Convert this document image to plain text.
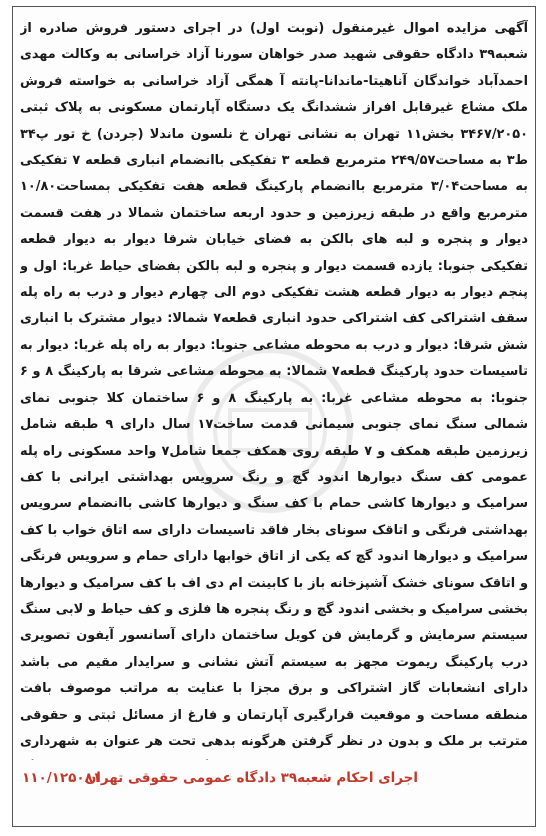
آگهی مزایده اموال غیرمنقول (نوبت اول) در اجرای دستور فروش صادره از شعبه۳۹ دادگاه حقوقی شهید صدر خواهان سورنا آزاد خراسانی به وکالت مهدی احمدآباد خواندگان آناهیتا-ماندانا-پانته آ همگی آزاد خراسانی به خواسته فروش ملک مشاع غیرقابل افراز ششدانگ یک دستگاه آپارتمان مسکونی به پلاک ثبتی ۳۴۶۷/۲۰۵۰ بخش۱۱ تهران به نشانی تهران خ نلسون ماندلا (جردن) خ تور پ۳۴ ط۳ به مساحت۲۴۹/۵۷ مترمربع قطعه ۳ تفکیکی باانضمام انباری قطعه ۷ تفکیکی به مساحت۳/۰۴ مترمربع باانضمام پارکینگ قطعه هفت تفکیکی بمساحت۱۰/۸۰ مترمربع واقع در طبقه زیرزمین و حدود اربعه ساختمان شمالا در هفت قسمت دیوار و پنجره و لبه های بالکن به فضای خیابان شرقا دیوار به دیوار قطعه تفکیکی جنوبا: یازده قسمت دیوار و پنجره و لبه بالکن بفضای حیاط غربا: اول و پنجم دیوار به دیوار قطعه هشت تفکیکی دوم الی چهارم دیوار و درب به راه پله سقف اشتراکی کف اشتراکی حدود انباری قطعه۷ شمالا: دیوار مشترک با انباری شش شرقا: دیوار و درب به محوطه مشاعی جنوبا: دیوار به راه پله غربا: دیوار به تاسیسات حدود پارکینگ قطعه۷ شمالا: به محوطه مشاعی شرقا به پارکینگ ۸ و ۶ جنوبا: به محوطه مشاعی غربا: به پارکینگ ۸ و ۶ ساختمان کلا جنوبی نمای شمالی سنگ نمای جنوبی سیمانی قدمت ساخت۱۷ سال دارای ۹ طبقه شامل زیرزمین طبقه همکف و ۷ طبقه روی همکف جمعا شامل۷ واحد مسکونی راه پله عمومی کف سنگ دیوارها اندود گچ و رنگ سرویس بهداشتی ایرانی با کف سرامیک و دیوارها کاشی حمام با کف سنگ و دیوارها کاشی باانضمام سرویس بهداشتی فرنگی و اتاقک سونای بخار فاقد تاسیسات دارای سه اتاق خواب با کف سرامیک و دیوارها اندود گچ که یکی از اتاق خوابها دارای حمام و سرویس فرنگی و اتاقک سونای خشک آشپزخانه باز با کابینت ام دی اف با کف سرامیک و دیوارها بخشی سرامیک و بخشی اندود گچ و رنگ پنجره ها فلزی و کف حیاط و لابی سنگ سیستم سرمایش و گرمایش فن کویل ساختمان دارای آسانسور آیفون تصویری درب پارکینگ ریموت مجهز به سیستم آتش نشانی و سرایدار مقیم می باشد دارای انشعابات گاز اشتراکی و برق مجزا با عنایت به مراتب موصوف بافت منطقه مساحت و موقعیت قرارگیری آپارتمان و فارغ از مسائل ثبتی و حقوقی مترتب بر ملک و بدون در نظر گرفتن هرگونه بدهی تحت هر عنوان به شهرداری

اجرای احکام شعبه۳۹ دادگاه عمومی حقوقی تهران
۱۱۰/۱۲۵۰۸۱
